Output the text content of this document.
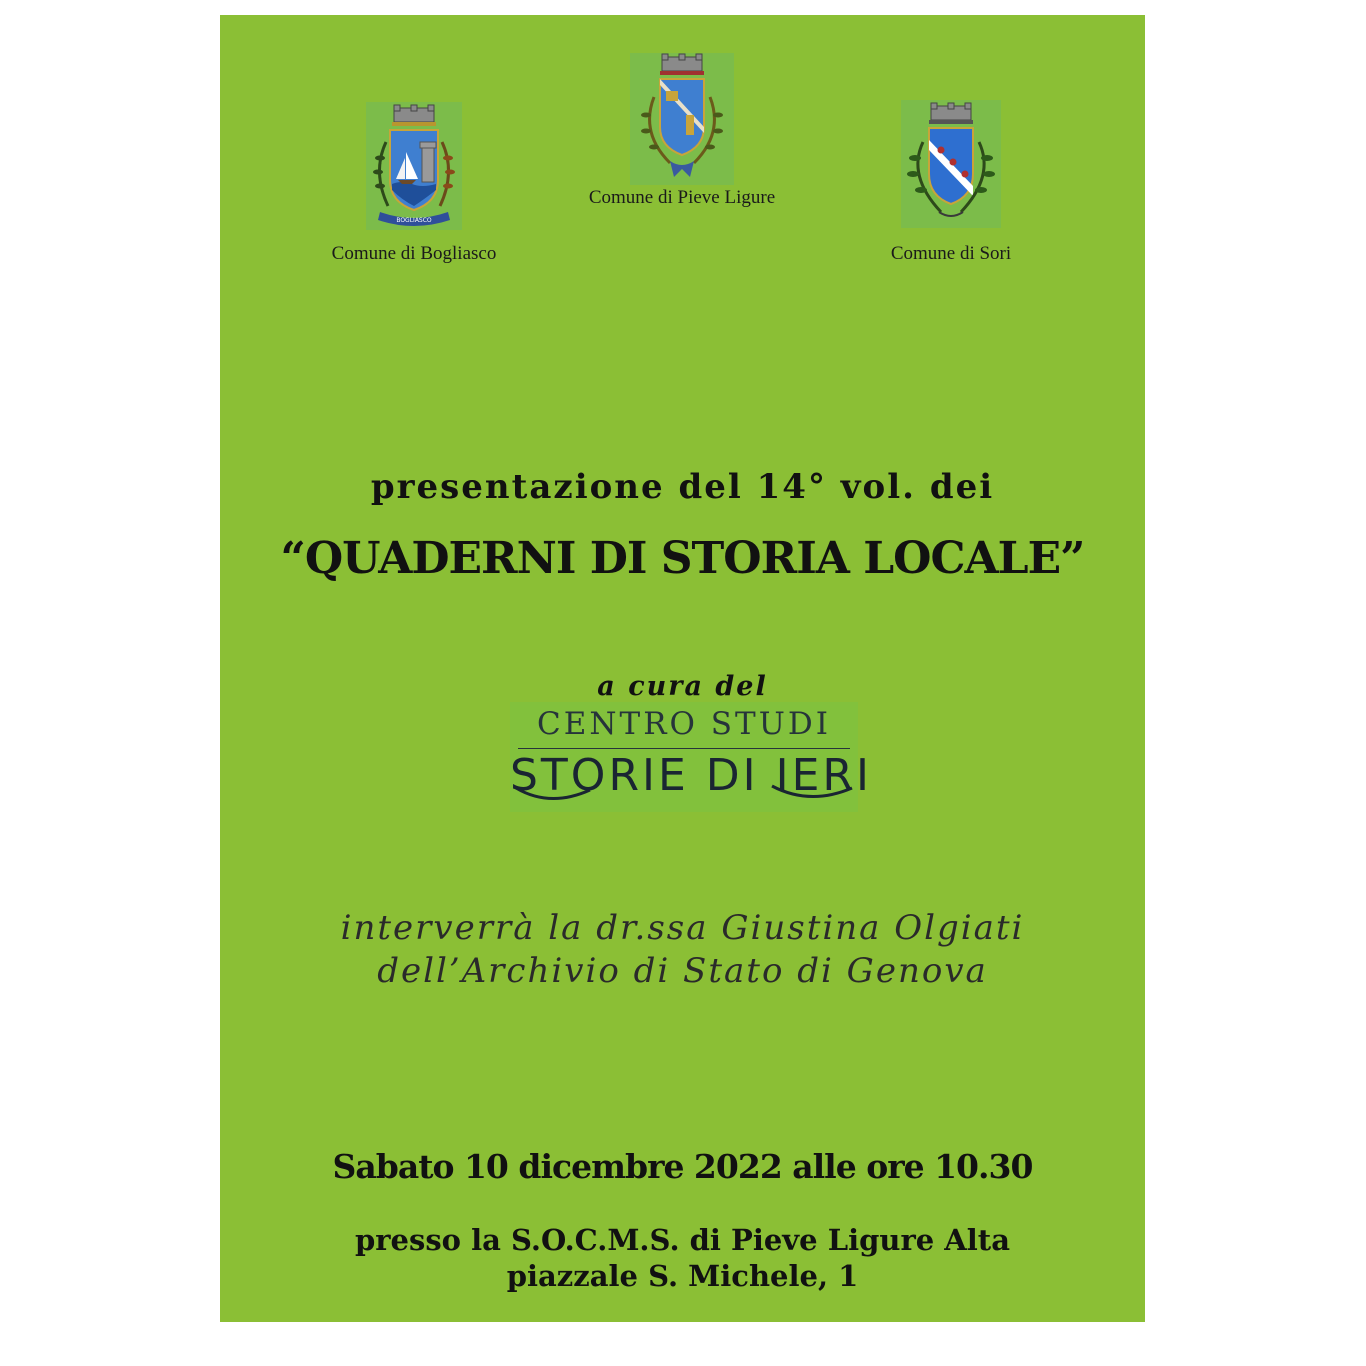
BOGLIASCO
Comune di Bogliasco
Comune di Pieve Ligure
Comune di Sori
presentazione del 14° vol. dei
“QUADERNI DI STORIA LOCALE”
a cura del
CENTRO STUDI
STORIE DI IERI
interverrà la dr.ssa Giustina Olgiati
dell’Archivio di Stato di Genova
Sabato 10 dicembre 2022 alle ore 10.30
presso la S.O.C.M.S. di Pieve Ligure Alta
piazzale S. Michele, 1
